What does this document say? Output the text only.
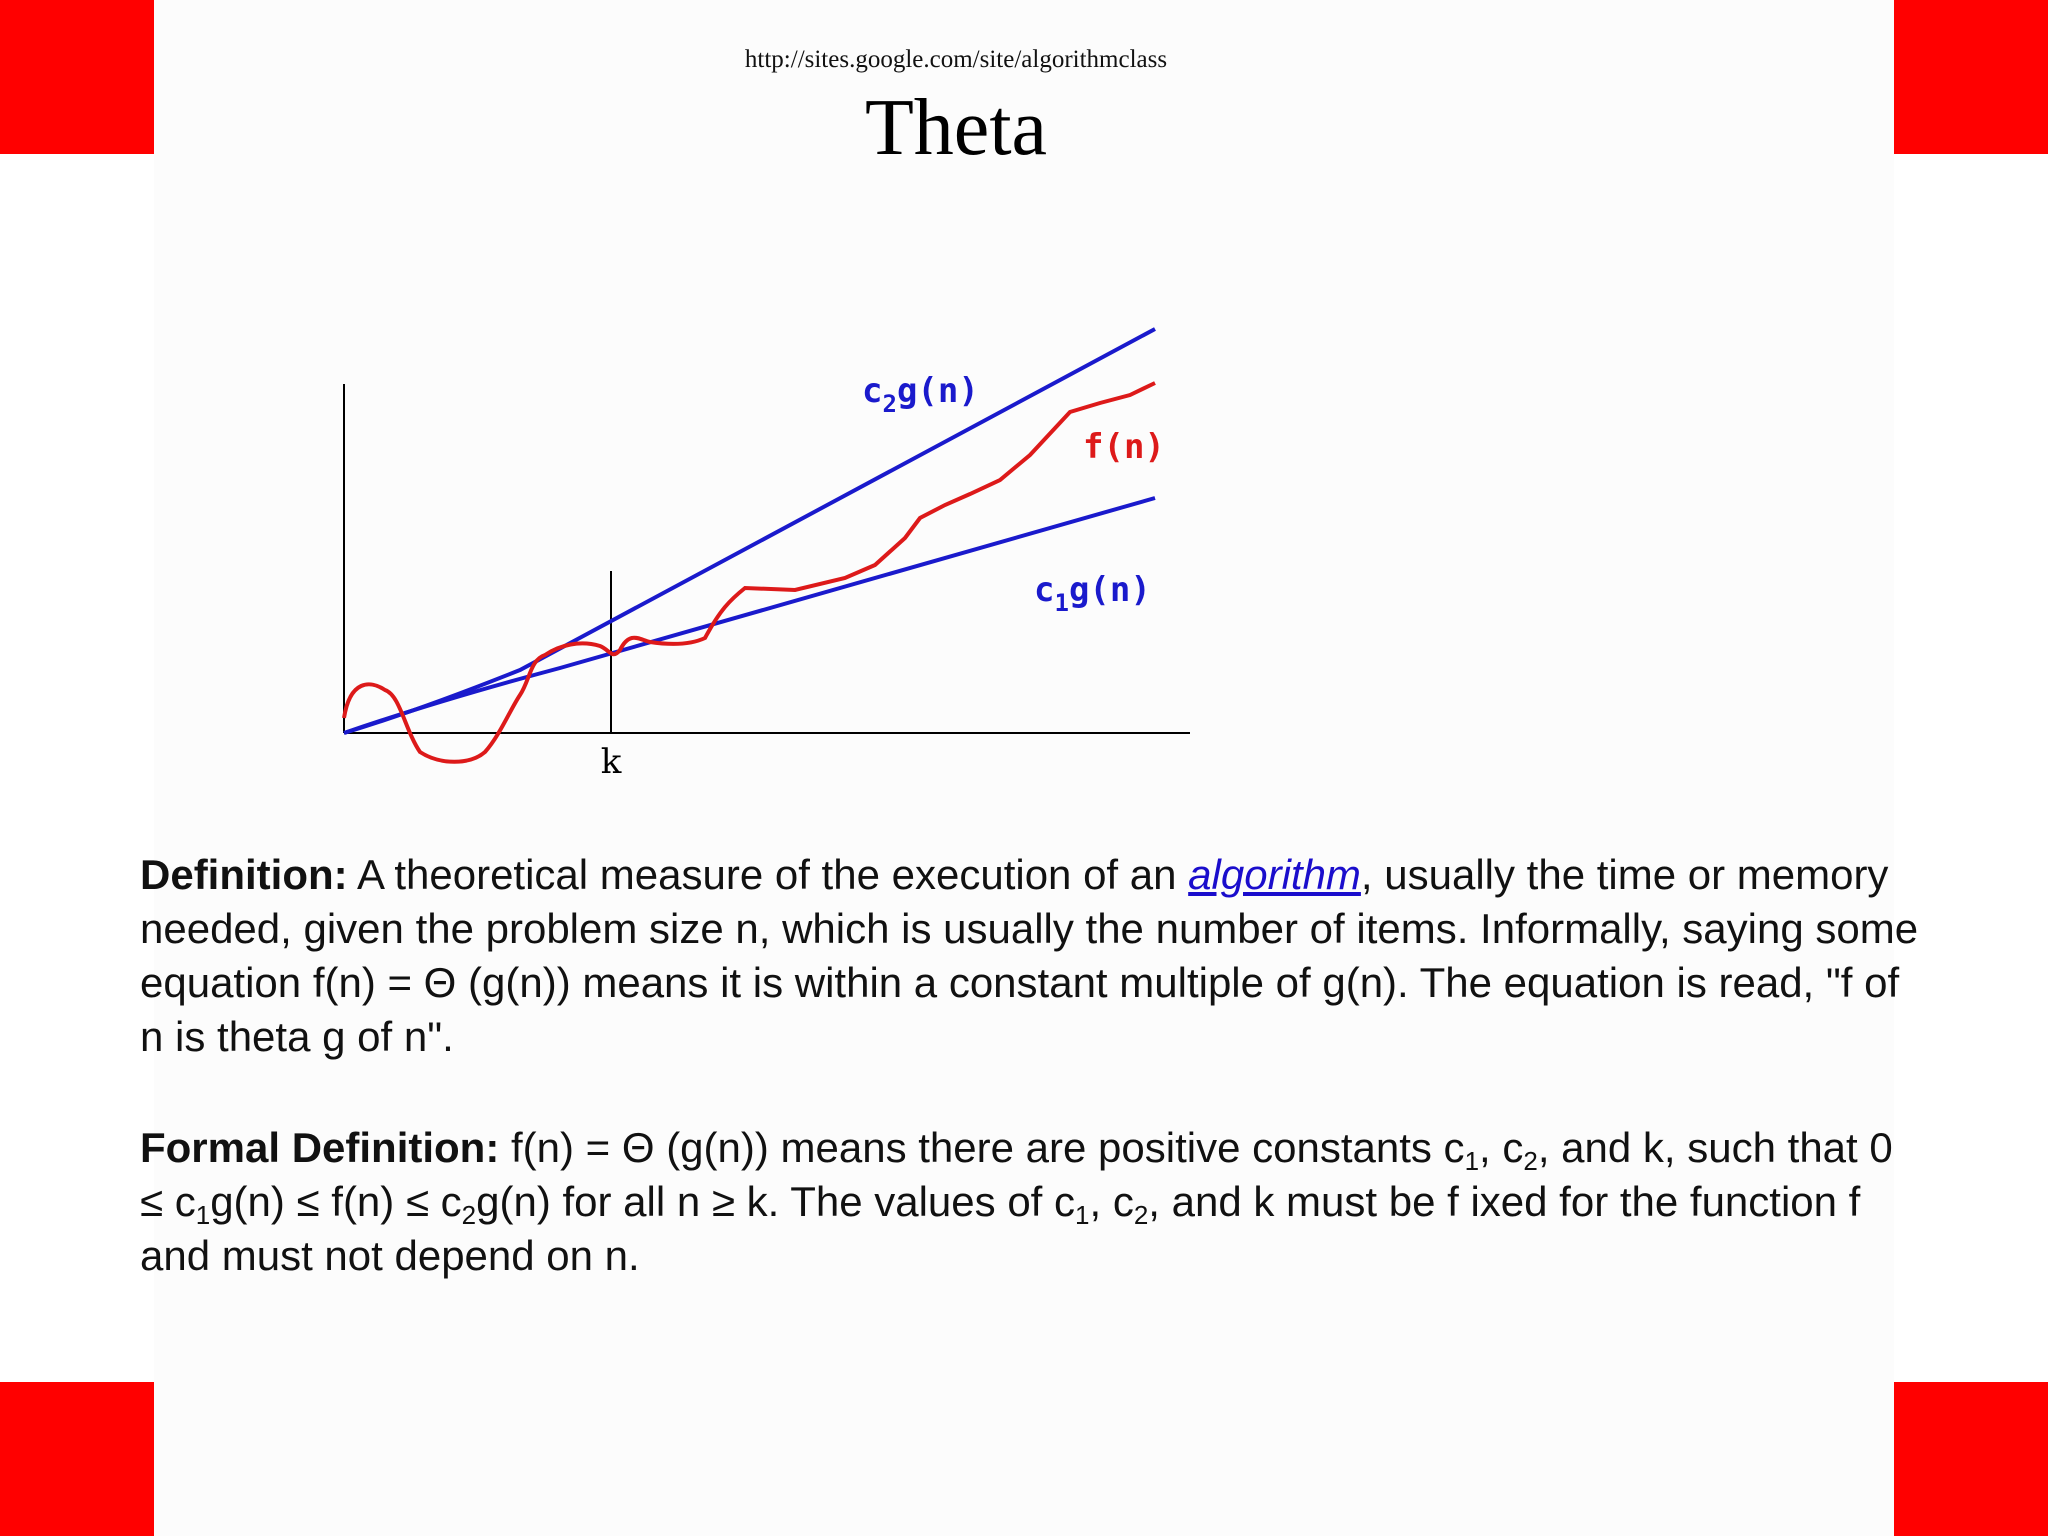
http://sites.google.com/site/algorithmclass
Theta
k
$c_2g(n)$
f(n)
$c_1g(n)$

Definition: A theoretical measure of the execution of an algorithm, usually the time or memory needed, given the problem size n, which is usually the number of items. Informally, saying some equation f(n) = Θ (g(n)) means it is within a constant multiple of g(n). The equation is read, "f of n is theta g of n".

Formal Definition: f(n) = Θ (g(n)) means there are positive constants $c_1$, $c_2$, and k, such that $0 \le c_1g(n) \le f(n) \le c_2g(n)$ for all n ≥ k. The values of $c_1$, $c_2$, and k must be f ixed for the function f and must not depend on n.
